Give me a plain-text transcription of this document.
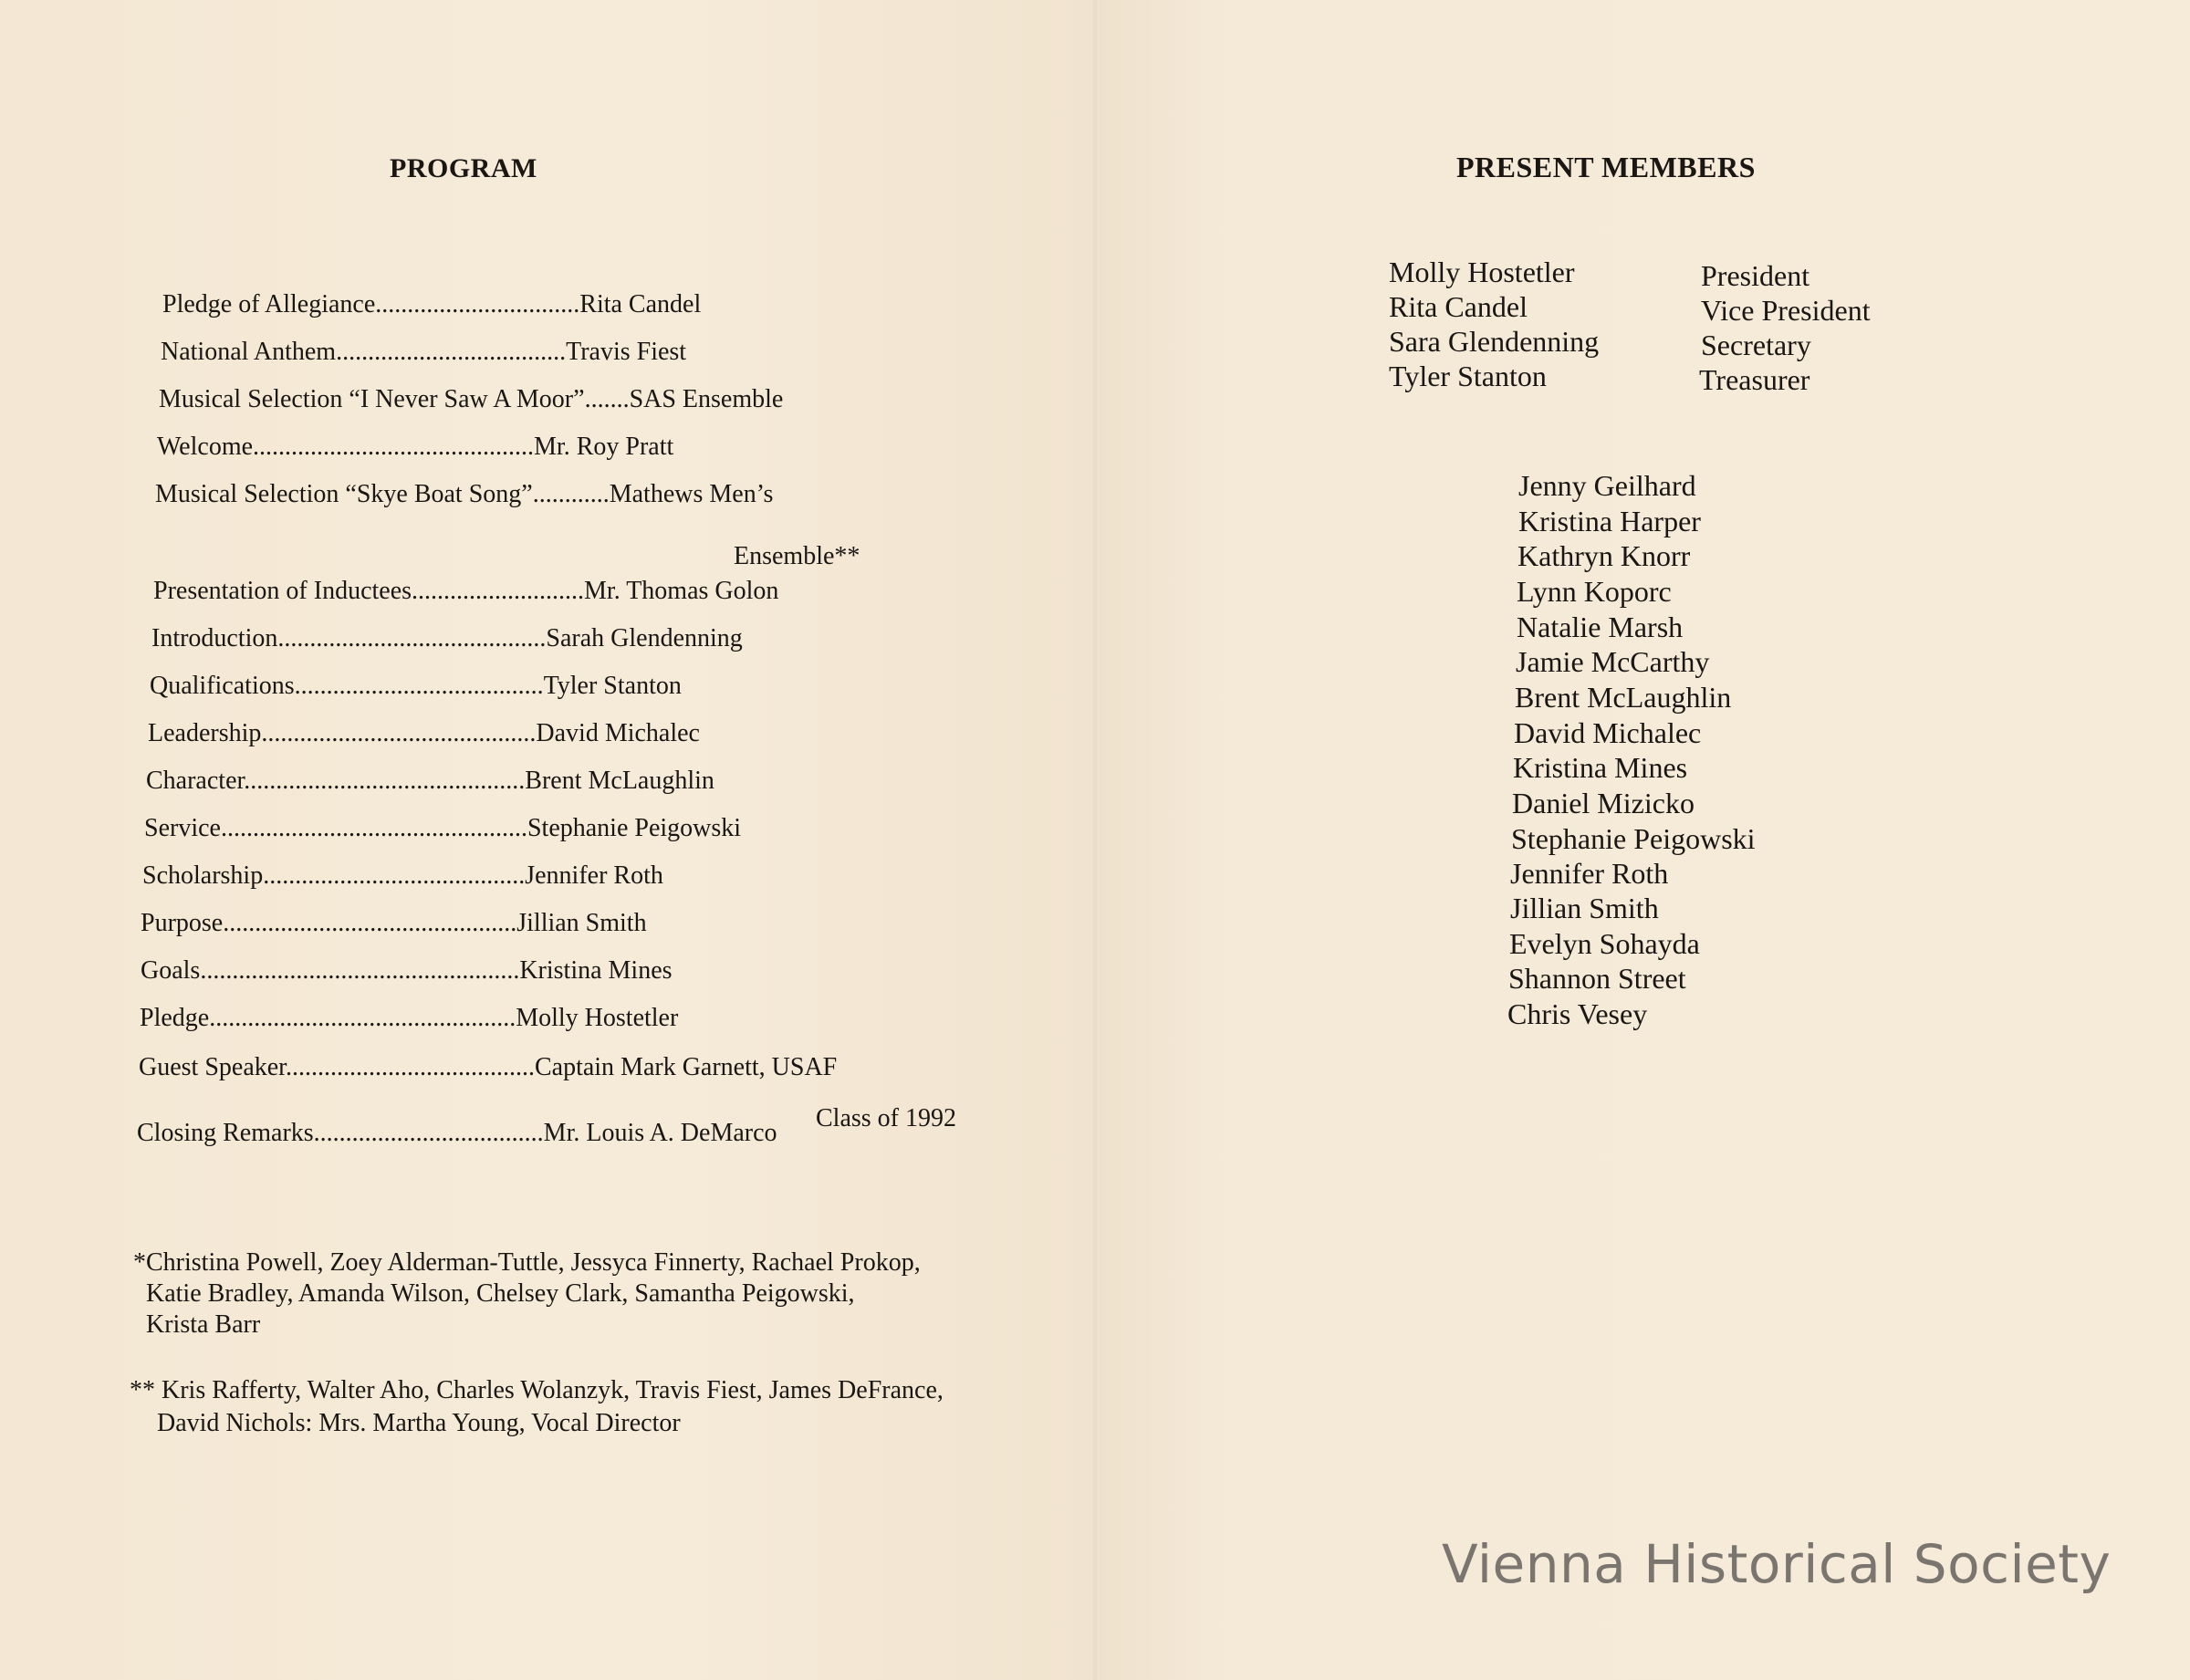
PROGRAM
Pledge of Allegiance................................Rita Candel
National Anthem....................................Travis Fiest
Musical Selection “I Never Saw A Moor”.......SAS Ensemble
Welcome............................................Mr. Roy Pratt
Musical Selection “Skye Boat Song”............Mathews Men’s
Ensemble**
Presentation of Inductees...........................Mr. Thomas Golon
Introduction..........................................Sarah Glendenning
Qualifications.......................................Tyler Stanton
Leadership...........................................David Michalec
Character............................................Brent McLaughlin
Service................................................Stephanie Peigowski
Scholarship.........................................Jennifer Roth
Purpose..............................................Jillian Smith
Goals..................................................Kristina Mines
Pledge................................................Molly Hostetler
Guest Speaker.......................................Captain Mark Garnett, USAF
Class of 1992
Closing Remarks....................................Mr. Louis A. DeMarco
*Christina Powell, Zoey Alderman-Tuttle, Jessyca Finnerty, Rachael Prokop,
Katie Bradley, Amanda Wilson, Chelsey Clark, Samantha Peigowski,
Krista Barr
** Kris Rafferty, Walter Aho, Charles Wolanzyk, Travis Fiest, James DeFrance,
David Nichols: Mrs. Martha Young, Vocal Director
PRESENT MEMBERS
Molly Hostetler	President
Rita Candel	Vice President
Sara Glendenning	Secretary
Tyler Stanton	Treasurer
Jenny Geilhard
Kristina Harper
Kathryn Knorr
Lynn Koporc
Natalie Marsh
Jamie McCarthy
Brent McLaughlin
David Michalec
Kristina Mines
Daniel Mizicko
Stephanie Peigowski
Jennifer Roth
Jillian Smith
Evelyn Sohayda
Shannon Street
Chris Vesey
Vienna Historical Society
